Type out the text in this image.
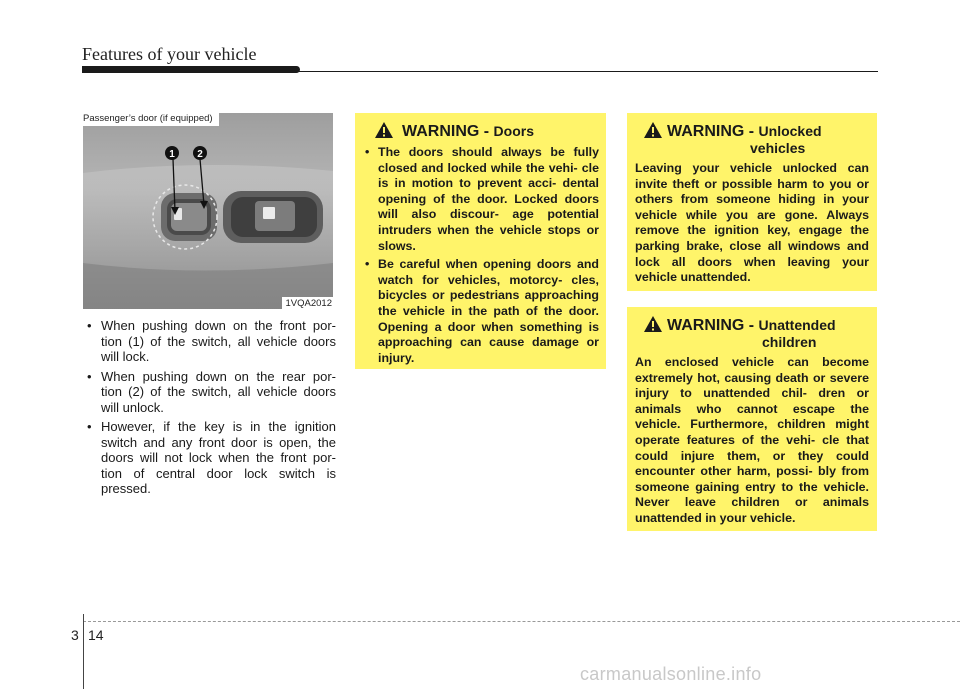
Features of your vehicle
1 2
Passenger’s door (if equipped)
1VQA2012
• When pushing down on the front por- tion (1) of the switch, all vehicle doors will lock.
• When pushing down on the rear por- tion (2) of the switch, all vehicle doors will unlock.
• However, if the key is in the ignition switch and any front door is open, the doors will not lock when the front por- tion of central door lock switch is pressed.
WARNING - Doors
• The doors should always be fully closed and locked while the vehi- cle is in motion to prevent acci- dental opening of the door. Locked doors will also discour- age potential intruders when the vehicle stops or slows.
• Be careful when opening doors and watch for vehicles, motorcy- cles, bicycles or pedestrians approaching the vehicle in the path of the door. Opening a door when something is approaching can cause damage or injury.
WARNING - Unlocked
vehicles
Leaving your vehicle unlocked can invite theft or possible harm to you or others from someone hiding in your vehicle while you are gone. Always remove the ignition key, engage the parking brake, close all windows and lock all doors when leaving your vehicle unattended.
WARNING - Unattended
children
An enclosed vehicle can become extremely hot, causing death or severe injury to unattended chil- dren or animals who cannot escape the vehicle. Furthermore, children might operate features of the vehi- cle that could injure them, or they could encounter other harm, possi- bly from someone gaining entry to the vehicle. Never leave children or animals unattended in your vehicle.
3 14
carmanualsonline.info
